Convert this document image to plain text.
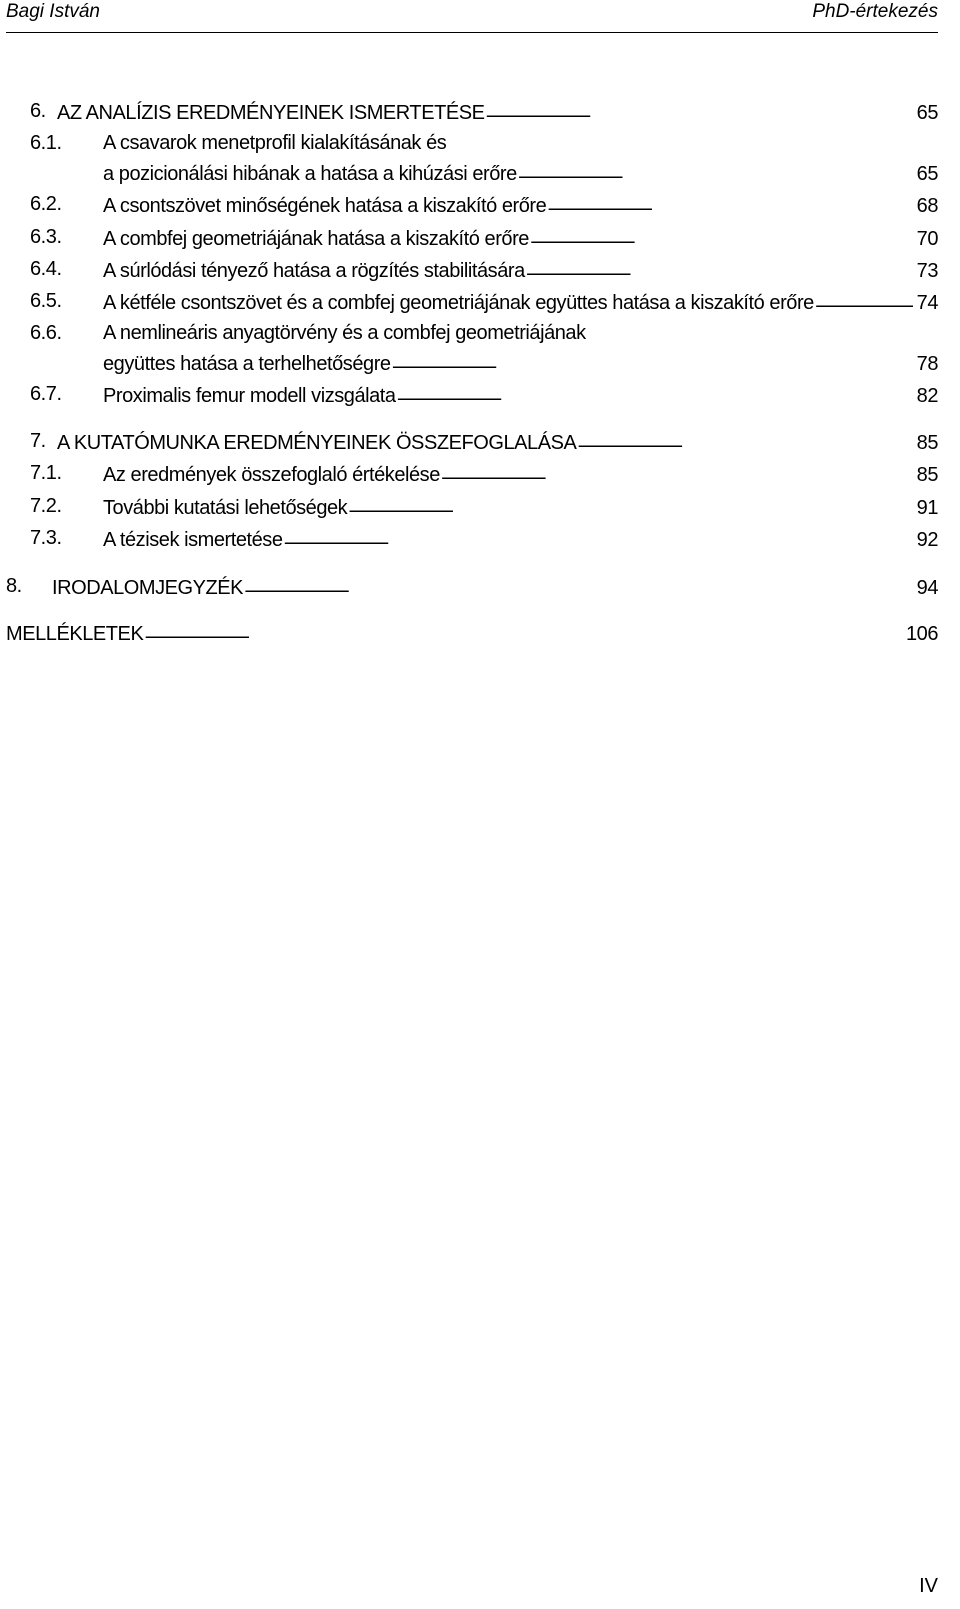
Bagi István	PhD-értekezés
6. AZ ANALÍZIS EREDMÉNYEINEK ISMERTETÉSE . . .	65
6.1. A csavarok menetprofil kialakításának és
a pozicionálási hibának a hatása a kihúzási erőre . . .	65
6.2. A csontszövet minőségének hatása a kiszakító erőre . . .	68
6.3. A combfej geometriájának hatása a kiszakító erőre . . .	70
6.4. A súrlódási tényező hatása a rögzítés stabilitására . . .	73
6.5. A kétféle csontszövet és a combfej geometriájának együttes hatása a kiszakító erőre . . .	74
6.6. A nemlineáris anyagtörvény és a combfej geometriájának
együttes hatása a terhelhetőségre . . .	78
6.7. Proximalis femur modell vizsgálata . . .	82
7. A KUTATÓMUNKA EREDMÉNYEINEK ÖSSZEFOGLALÁSA . . .	85
7.1. Az eredmények összefoglaló értékelése . . .	85
7.2. További kutatási lehetőségek . . .	91
7.3. A tézisek ismertetése . . .	92
8. IRODALOMJEGYZÉK . . .	94
MELLÉKLETEK . . .	106
IV
